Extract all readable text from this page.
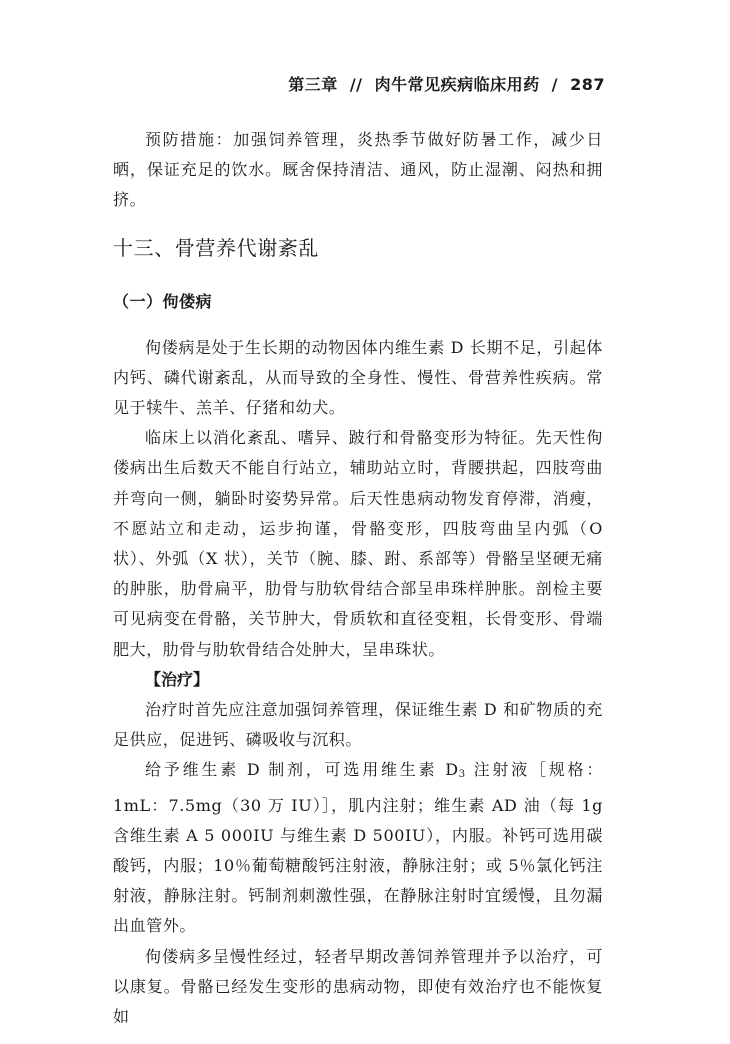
第三章 // 肉牛常见疾病临床用药 / 287

预防措施：加强饲养管理，炎热季节做好防暑工作，减少日晒，保证充足的饮水。厩舍保持清洁、通风，防止湿潮、闷热和拥挤。

十三、骨营养代谢紊乱
（一）佝偻病

佝偻病是处于生长期的动物因体内维生素 D 长期不足，引起体内钙、磷代谢紊乱，从而导致的全身性、慢性、骨营养性疾病。常见于犊牛、羔羊、仔猪和幼犬。

临床上以消化紊乱、嗜异、跛行和骨骼变形为特征。先天性佝偻病出生后数天不能自行站立，辅助站立时，背腰拱起，四肢弯曲并弯向一侧，躺卧时姿势异常。后天性患病动物发育停滞，消瘦，不愿站立和走动，运步拘谨，骨骼变形，四肢弯曲呈内弧（O 状）、外弧（X 状），关节（腕、膝、跗、系部等）骨骼呈坚硬无痛的肿胀，肋骨扁平，肋骨与肋软骨结合部呈串珠样肿胀。剖检主要可见病变在骨骼，关节肿大，骨质软和直径变粗，长骨变形、骨端肥大，肋骨与肋软骨结合处肿大，呈串珠状。

【治疗】

治疗时首先应注意加强饲养管理，保证维生素 D 和矿物质的充足供应，促进钙、磷吸收与沉积。

给予维生素 D 制剂，可选用维生素 $D_3$ 注射液［规格：1mL：7.5mg（30 万 IU）］，肌内注射；维生素 AD 油（每 1g 含维生素 A 5 000IU 与维生素 D 500IU），内服。补钙可选用碳酸钙，内服；10％葡萄糖酸钙注射液，静脉注射；或 5％氯化钙注射液，静脉注射。钙制剂刺激性强，在静脉注射时宜缓慢，且勿漏出血管外。

佝偻病多呈慢性经过，轻者早期改善饲养管理并予以治疗，可以康复。骨骼已经发生变形的患病动物，即使有效治疗也不能恢复如
